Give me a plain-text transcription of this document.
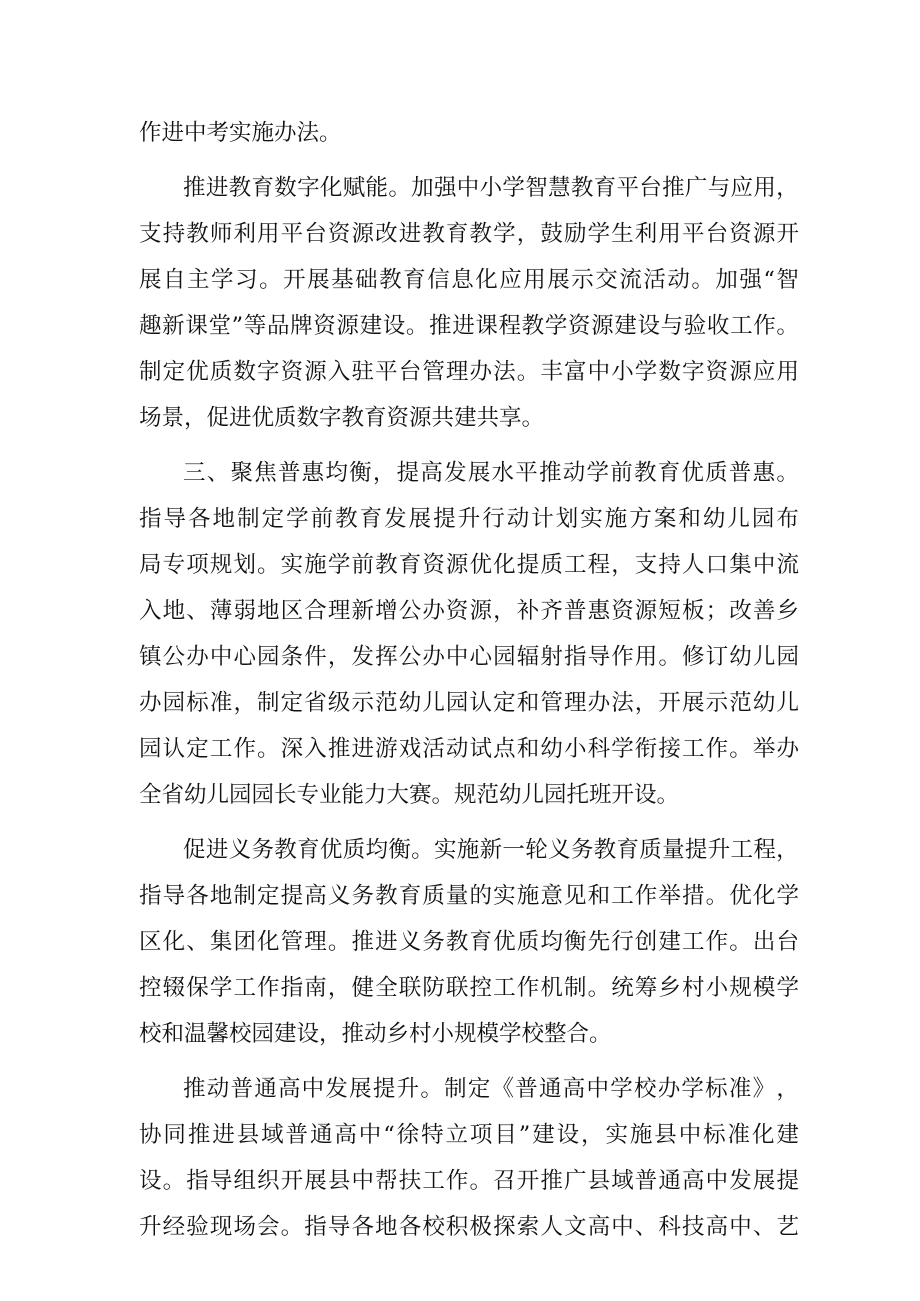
作进中考实施办法。
推 进 教 育 数 字 化 赋 能 。 加 强 中 小 学 智 慧 教 育 平 台 推 广 与 应 用 ，
支 持 教 师 利 用 平 台 资 源 改 进 教 育 教 学 ， 鼓 励 学 生 利 用 平 台 资 源 开
展 自 主 学 习 。 开 展 基 础 教 育 信 息 化 应 用 展 示 交 流 活 动 。 加 强 “ 智
趣 新 课 堂 ” 等 品 牌 资 源 建 设 。 推 进 课 程 教 学 资 源 建 设 与 验 收 工 作 。
制 定 优 质 数 字 资 源 入 驻 平 台 管 理 办 法 。 丰 富 中 小 学 数 字 资 源 应 用
场景，促进优质数字教育资源共建共享。
三 、 聚 焦 普 惠 均 衡 ， 提 高 发 展 水 平 推 动 学 前 教 育 优 质 普 惠 。
指 导 各 地 制 定 学 前 教 育 发 展 提 升 行 动 计 划 实 施 方 案 和 幼 儿 园 布
局 专 项 规 划 。 实 施 学 前 教 育 资 源 优 化 提 质 工 程 ， 支 持 人 口 集 中 流
入 地 、 薄 弱 地 区 合 理 新 增 公 办 资 源 ， 补 齐 普 惠 资 源 短 板 ； 改 善 乡
镇 公 办 中 心 园 条 件 ， 发 挥 公 办 中 心 园 辐 射 指 导 作 用 。 修 订 幼 儿 园
办 园 标 准 ， 制 定 省 级 示 范 幼 儿 园 认 定 和 管 理 办 法 ， 开 展 示 范 幼 儿
园 认 定 工 作 。 深 入 推 进 游 戏 活 动 试 点 和 幼 小 科 学 衔 接 工 作 。 举 办
全省幼儿园园长专业能力大赛。规范幼儿园托班开设。
促 进 义 务 教 育 优 质 均 衡 。 实 施 新 一 轮 义 务 教 育 质 量 提 升 工 程 ，
指 导 各 地 制 定 提 高 义 务 教 育 质 量 的 实 施 意 见 和 工 作 举 措 。 优 化 学
区 化 、 集 团 化 管 理 。 推 进 义 务 教 育 优 质 均 衡 先 行 创 建 工 作 。 出 台
控 辍 保 学 工 作 指 南 ， 健 全 联 防 联 控 工 作 机 制 。 统 筹 乡 村 小 规 模 学
校和温馨校园建设，推动乡村小规模学校整合。
推 动 普 通 高 中 发 展 提 升 。 制 定 《 普 通 高 中 学 校 办 学 标 准 》 ，
协 同 推 进 县 域 普 通 高 中 “ 徐 特 立 项 目 ” 建 设 ， 实 施 县 中 标 准 化 建
设 。 指 导 组 织 开 展 县 中 帮 扶 工 作 。 召 开 推 广 县 域 普 通 高 中 发 展 提
升 经 验 现 场 会 。 指 导 各 地 各 校 积 极 探 索 人 文 高 中 、 科 技 高 中 、 艺
